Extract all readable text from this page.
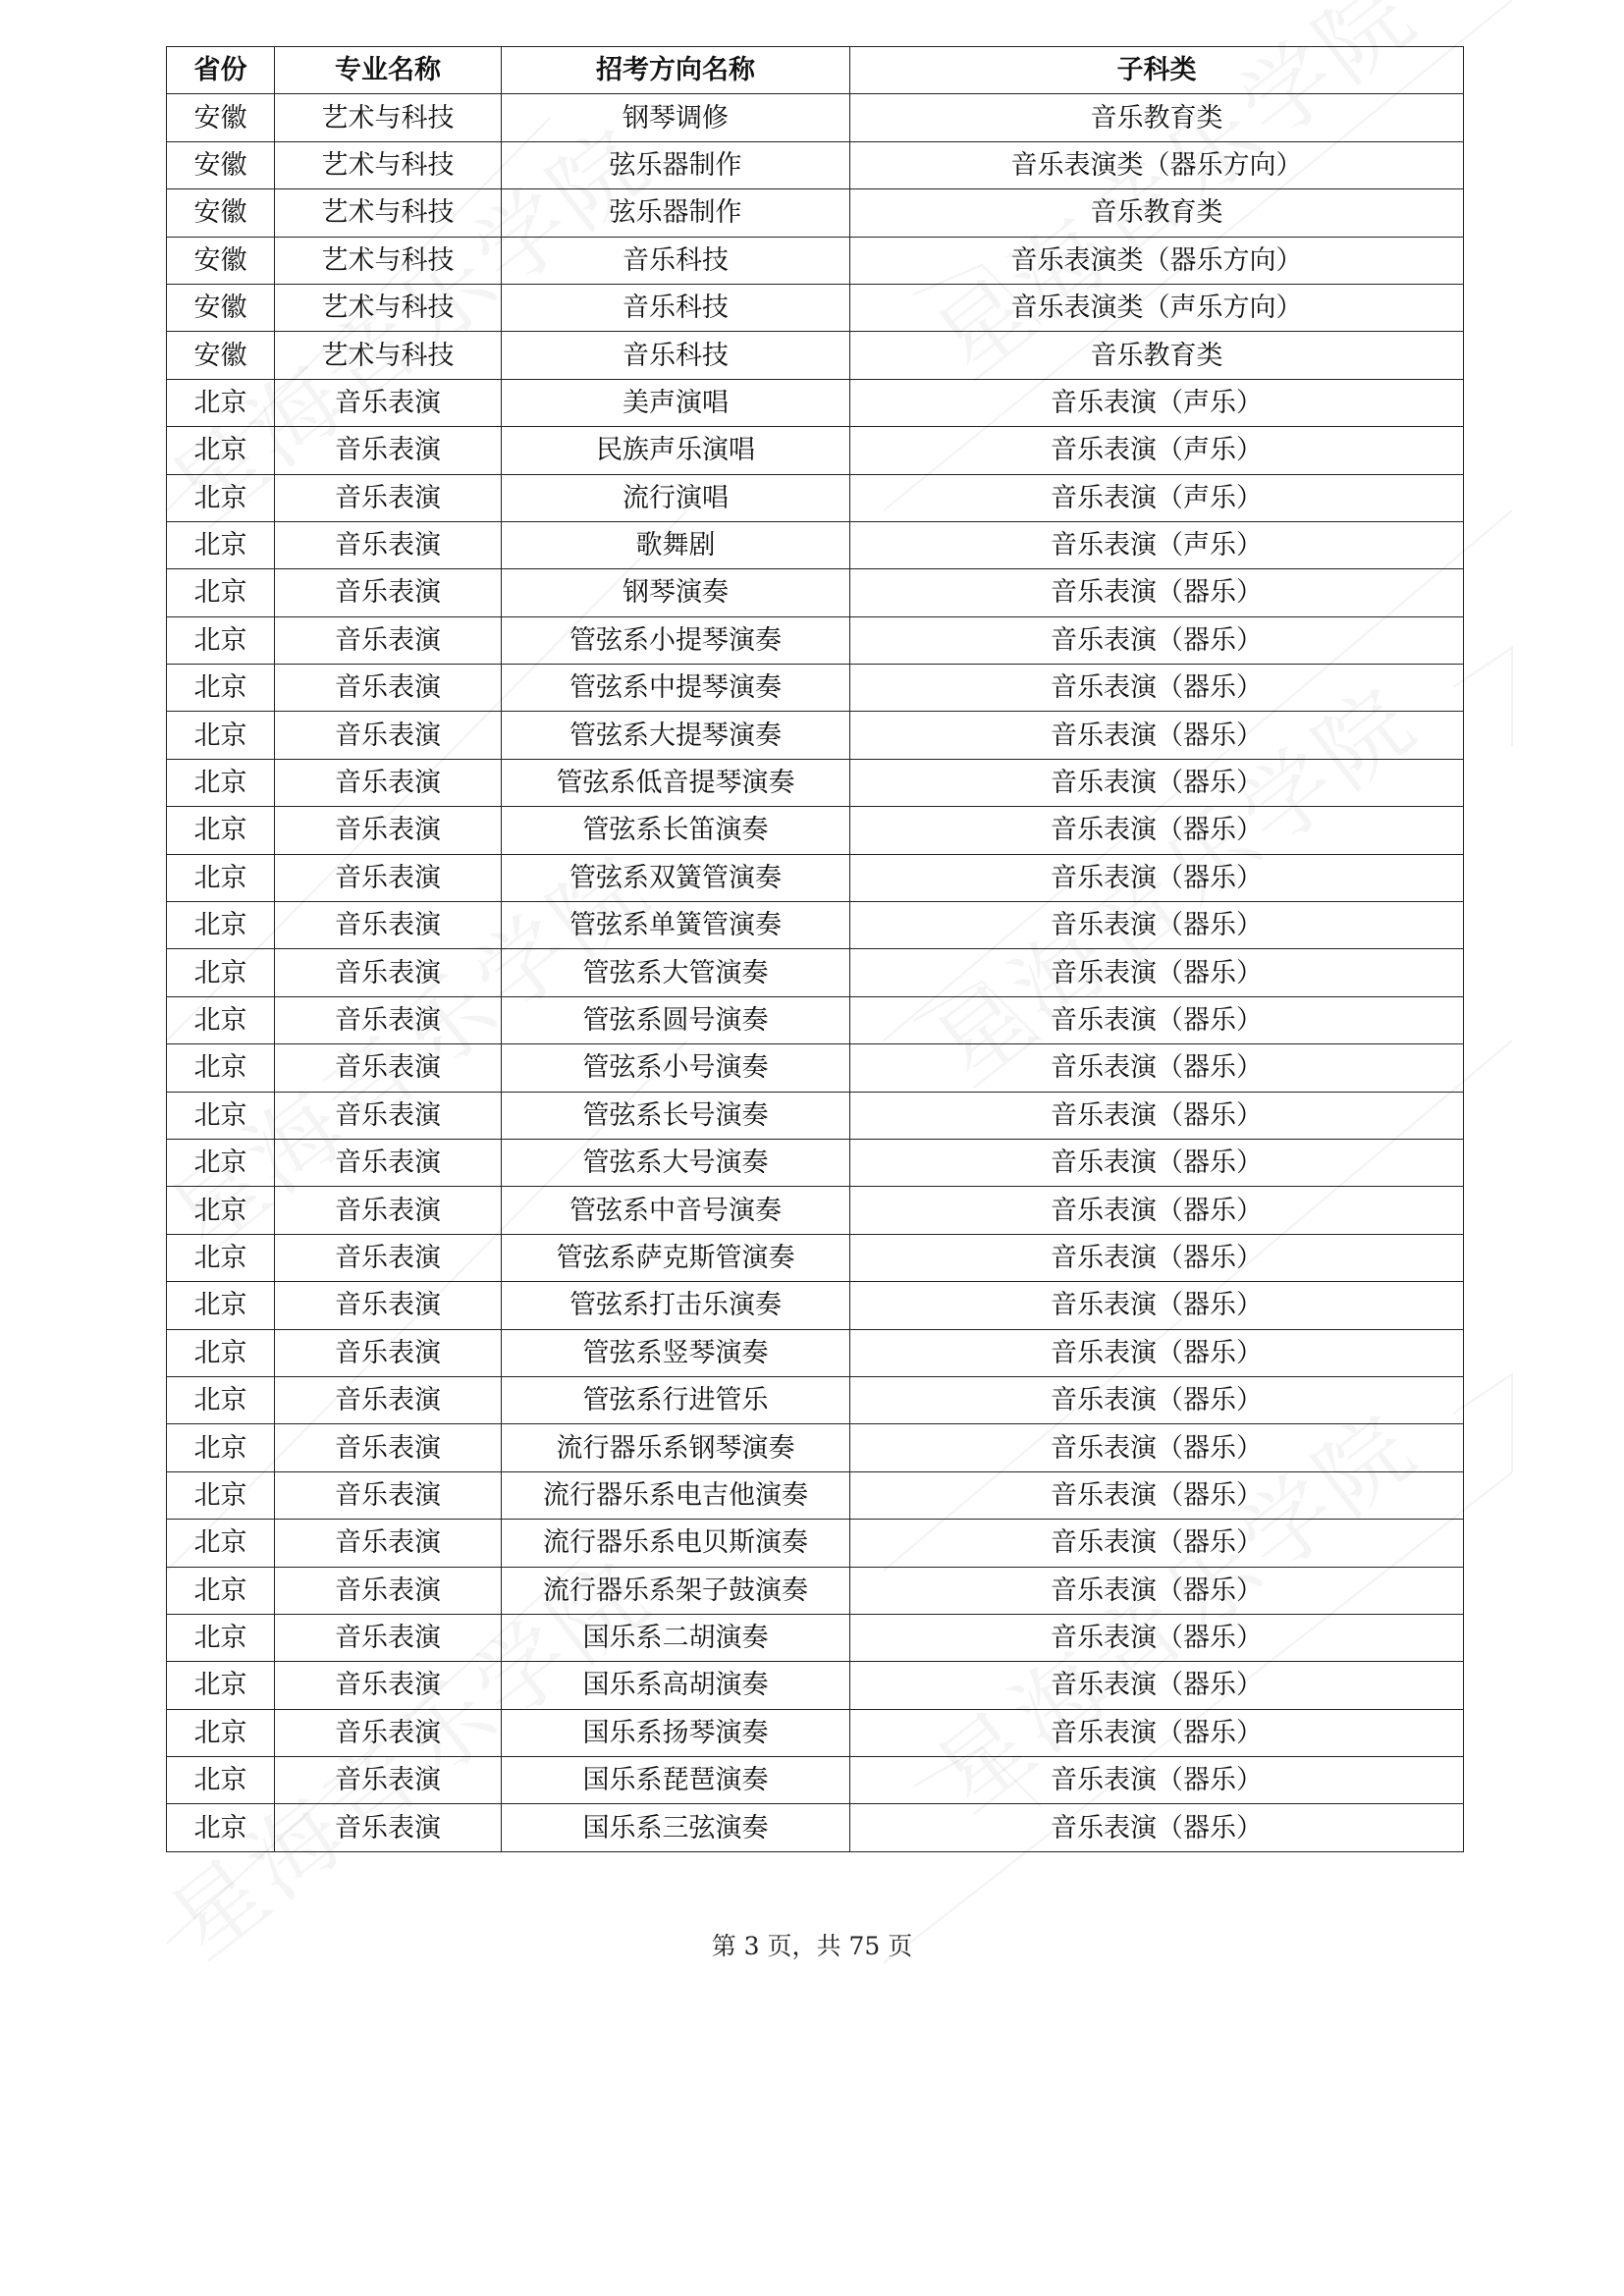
省份	专业名称	招考方向名称	子科类
安徽	艺术与科技	钢琴调修	音乐教育类
安徽	艺术与科技	弦乐器制作	音乐表演类（器乐方向）
安徽	艺术与科技	弦乐器制作	音乐教育类
安徽	艺术与科技	音乐科技	音乐表演类（器乐方向）
安徽	艺术与科技	音乐科技	音乐表演类（声乐方向）
安徽	艺术与科技	音乐科技	音乐教育类
北京	音乐表演	美声演唱	音乐表演（声乐）
北京	音乐表演	民族声乐演唱	音乐表演（声乐）
北京	音乐表演	流行演唱	音乐表演（声乐）
北京	音乐表演	歌舞剧	音乐表演（声乐）
北京	音乐表演	钢琴演奏	音乐表演（器乐）
北京	音乐表演	管弦系小提琴演奏	音乐表演（器乐）
北京	音乐表演	管弦系中提琴演奏	音乐表演（器乐）
北京	音乐表演	管弦系大提琴演奏	音乐表演（器乐）
北京	音乐表演	管弦系低音提琴演奏	音乐表演（器乐）
北京	音乐表演	管弦系长笛演奏	音乐表演（器乐）
北京	音乐表演	管弦系双簧管演奏	音乐表演（器乐）
北京	音乐表演	管弦系单簧管演奏	音乐表演（器乐）
北京	音乐表演	管弦系大管演奏	音乐表演（器乐）
北京	音乐表演	管弦系圆号演奏	音乐表演（器乐）
北京	音乐表演	管弦系小号演奏	音乐表演（器乐）
北京	音乐表演	管弦系长号演奏	音乐表演（器乐）
北京	音乐表演	管弦系大号演奏	音乐表演（器乐）
北京	音乐表演	管弦系中音号演奏	音乐表演（器乐）
北京	音乐表演	管弦系萨克斯管演奏	音乐表演（器乐）
北京	音乐表演	管弦系打击乐演奏	音乐表演（器乐）
北京	音乐表演	管弦系竖琴演奏	音乐表演（器乐）
北京	音乐表演	管弦系行进管乐	音乐表演（器乐）
北京	音乐表演	流行器乐系钢琴演奏	音乐表演（器乐）
北京	音乐表演	流行器乐系电吉他演奏	音乐表演（器乐）
北京	音乐表演	流行器乐系电贝斯演奏	音乐表演（器乐）
北京	音乐表演	流行器乐系架子鼓演奏	音乐表演（器乐）
北京	音乐表演	国乐系二胡演奏	音乐表演（器乐）
北京	音乐表演	国乐系高胡演奏	音乐表演（器乐）
北京	音乐表演	国乐系扬琴演奏	音乐表演（器乐）
北京	音乐表演	国乐系琵琶演奏	音乐表演（器乐）
北京	音乐表演	国乐系三弦演奏	音乐表演（器乐）
第 3 页，共 75 页
